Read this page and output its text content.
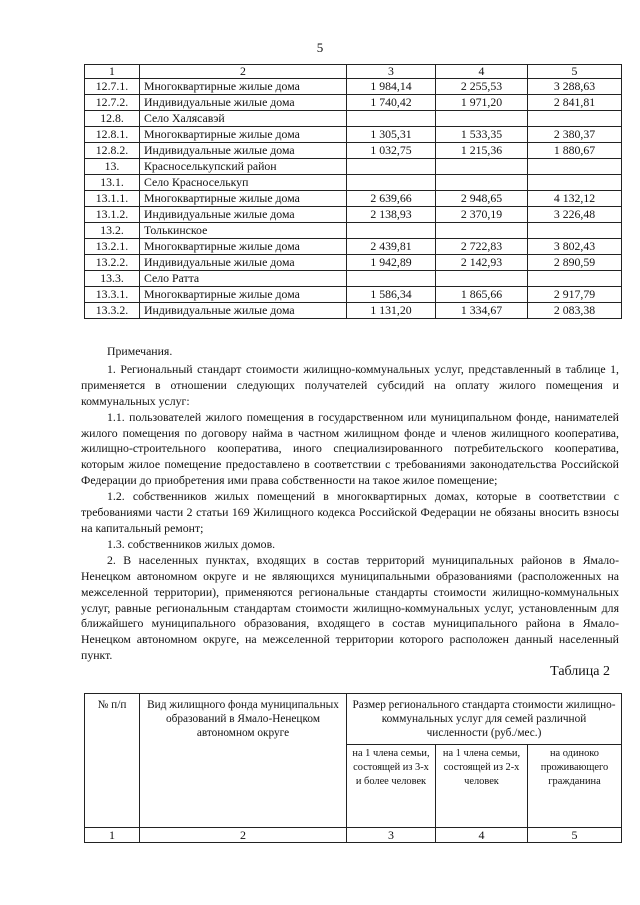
5
1	2	3	4	5
12.7.1.	Многоквартирные жилые дома	1 984,14	2 255,53	3 288,63
12.7.2.	Индивидуальные жилые дома	1 740,42	1 971,20	2 841,81
12.8.	Село Халясавэй			
12.8.1.	Многоквартирные жилые дома	1 305,31	1 533,35	2 380,37
12.8.2.	Индивидуальные жилые дома	1 032,75	1 215,36	1 880,67
13.	Красноселькупский район			
13.1.	Село Красноселькуп			
13.1.1.	Многоквартирные жилые дома	2 639,66	2 948,65	4 132,12
13.1.2.	Индивидуальные жилые дома	2 138,93	2 370,19	3 226,48
13.2.	Толькинское			
13.2.1.	Многоквартирные жилые дома	2 439,81	2 722,83	3 802,43
13.2.2.	Индивидуальные жилые дома	1 942,89	2 142,93	2 890,59
13.3.	Село Ратта			
13.3.1.	Многоквартирные жилые дома	1 586,34	1 865,66	2 917,79
13.3.2.	Индивидуальные жилые дома	1 131,20	1 334,67	2 083,38

Примечания.

1. Региональный стандарт стоимости жилищно-коммунальных услуг, представленный в таблице 1, применяется в отношении следующих получателей субсидий на оплату жилого помещения и коммунальных услуг:

1.1. пользователей жилого помещения в государственном или муниципальном фонде, нанимателей жилого помещения по договору найма в частном жилищном фонде и членов жилищного кооператива, жилищно-строительного кооператива, иного специализированного потребительского кооператива, которым жилое помещение предоставлено в соответствии с требованиями законодательства Российской Федерации до приобретения ими права собственности на такое жилое помещение;

1.2. собственников жилых помещений в многоквартирных домах, которые в соответствии с требованиями части 2 статьи 169 Жилищного кодекса Российской Федерации не обязаны вносить взносы на капитальный ремонт;

1.3. собственников жилых домов.

2. В населенных пунктах, входящих в состав территорий муниципальных районов в Ямало-Ненецком автономном округе и не являющихся муниципальными образованиями (расположенных на межселенной территории), применяются региональные стандарты стоимости жилищно-коммунальных услуг, равные региональным стандартам стоимости жилищно-коммунальных услуг, установленным для ближайшего муниципального образования, входящего в состав муниципального района в Ямало-Ненецком автономном округе, на межселенной территории которого расположен данный населенный пункт.

Таблица 2
№ п/п	Вид жилищного фонда муниципальных образований в Ямало-Ненецком автономном округе	Размер регионального стандарта стоимости жилищно-коммунальных услуг для семей различной численности (руб./мес.)		
		на 1 члена семьи, состоящей из 3-х и более человек	на 1 члена семьи, состоящей из 2-х человек	на одиноко проживающего гражданина
1	2	3	4	5
